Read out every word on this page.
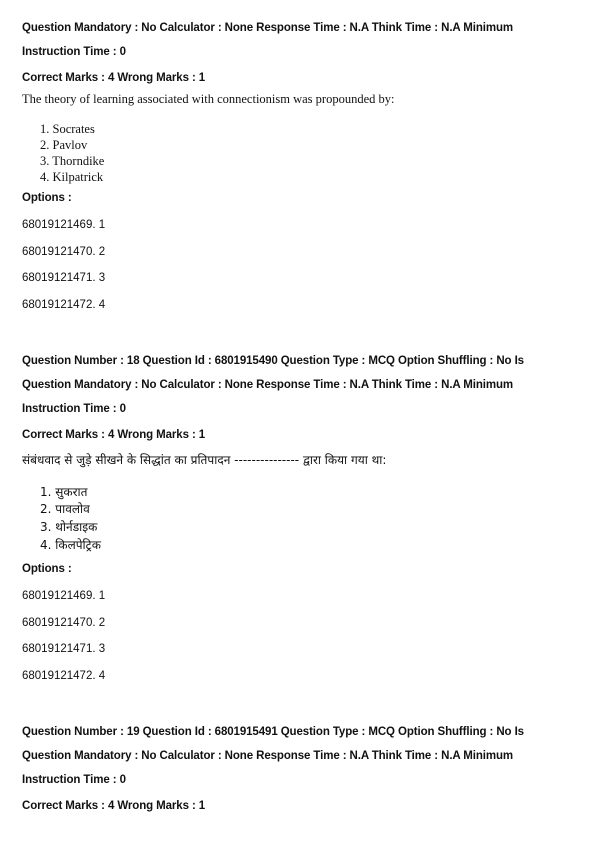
Question Mandatory : No Calculator : None Response Time : N.A Think Time : N.A Minimum
Instruction Time : 0
Correct Marks : 4 Wrong Marks : 1
The theory of learning associated with connectionism was propounded by:
1. Socrates
2. Pavlov
3. Thorndike
4. Kilpatrick
Options :
68019121469. 1
68019121470. 2
68019121471. 3
68019121472. 4
Question Number : 18 Question Id : 6801915490 Question Type : MCQ Option Shuffling : No Is
Question Mandatory : No Calculator : None Response Time : N.A Think Time : N.A Minimum
Instruction Time : 0
Correct Marks : 4 Wrong Marks : 1
संबंधवाद से जुड़े सीखने के सिद्धांत का प्रतिपादन --------------- द्वारा किया गया था:
1. सुकरात
2. पावलोव
3. थोर्नडाइक
4. किलपेट्रिक
Options :
68019121469. 1
68019121470. 2
68019121471. 3
68019121472. 4
Question Number : 19 Question Id : 6801915491 Question Type : MCQ Option Shuffling : No Is
Question Mandatory : No Calculator : None Response Time : N.A Think Time : N.A Minimum
Instruction Time : 0
Correct Marks : 4 Wrong Marks : 1
